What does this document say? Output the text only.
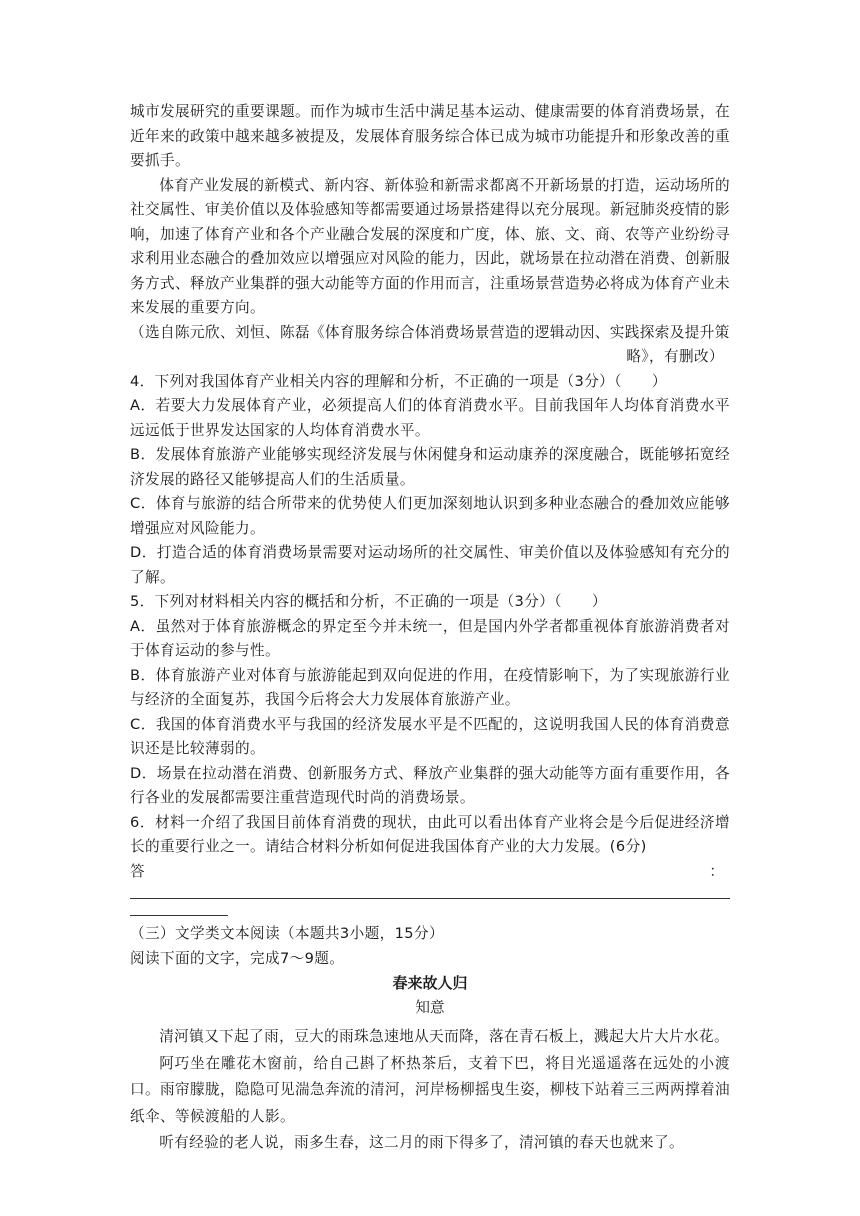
城市发展研究的重要课题。而作为城市生活中满足基本运动、健康需要的体育消费场景，在近年来的政策中越来越多被提及，发展体育服务综合体已成为城市功能提升和形象改善的重要抓手。

体育产业发展的新模式、新内容、新体验和新需求都离不开新场景的打造，运动场所的社交属性、审美价值以及体验感知等都需要通过场景搭建得以充分展现。新冠肺炎疫情的影响，加速了体育产业和各个产业融合发展的深度和广度，体、旅、文、商、农等产业纷纷寻求利用业态融合的叠加效应以增强应对风险的能力，因此，就场景在拉动潜在消费、创新服务方式、释放产业集群的强大动能等方面的作用而言，注重场景营造势必将成为体育产业未来发展的重要方向。

（选自陈元欣、刘恒、陈磊《体育服务综合体消费场景营造的逻辑动因、实践探索及提升策

略》，有删改）

4．下列对我国体育产业相关内容的理解和分析，不正确的一项是（3分）（　　）

A．若要大力发展体育产业，必须提高人们的体育消费水平。目前我国年人均体育消费水平远远低于世界发达国家的人均体育消费水平。

B．发展体育旅游产业能够实现经济发展与休闲健身和运动康养的深度融合，既能够拓宽经济发展的路径又能够提高人们的生活质量。

C．体育与旅游的结合所带来的优势使人们更加深刻地认识到多种业态融合的叠加效应能够增强应对风险能力。

D．打造合适的体育消费场景需要对运动场所的社交属性、审美价值以及体验感知有充分的了解。

5．下列对材料相关内容的概括和分析，不正确的一项是（3分）（　　）

A．虽然对于体育旅游概念的界定至今并未统一，但是国内外学者都重视体育旅游消费者对于体育运动的参与性。

B．体育旅游产业对体育与旅游能起到双向促进的作用，在疫情影响下，为了实现旅游行业与经济的全面复苏，我国今后将会大力发展体育旅游产业。

C．我国的体育消费水平与我国的经济发展水平是不匹配的，这说明我国人民的体育消费意识还是比较薄弱的。

D．场景在拉动潜在消费、创新服务方式、释放产业集群的强大动能等方面有重要作用，各行各业的发展都需要注重营造现代时尚的消费场景。

6．材料一介绍了我国目前体育消费的现状，由此可以看出体育产业将会是今后促进经济增长的重要行业之一。请结合材料分析如何促进我国体育产业的大力发展。(6分)

答	：

（三）文学类文本阅读（本题共3小题，15分）

阅读下面的文字，完成7～9题。

春来故人归

知意

清河镇又下起了雨，豆大的雨珠急速地从天而降，落在青石板上，溅起大片大片水花。

阿巧坐在雕花木窗前，给自己斟了杯热茶后，支着下巴，将目光遥遥落在远处的小渡口。雨帘朦胧，隐隐可见湍急奔流的清河，河岸杨柳摇曳生姿，柳枝下站着三三两两撑着油纸伞、等候渡船的人影。

听有经验的老人说，雨多生春，这二月的雨下得多了，清河镇的春天也就来了。
